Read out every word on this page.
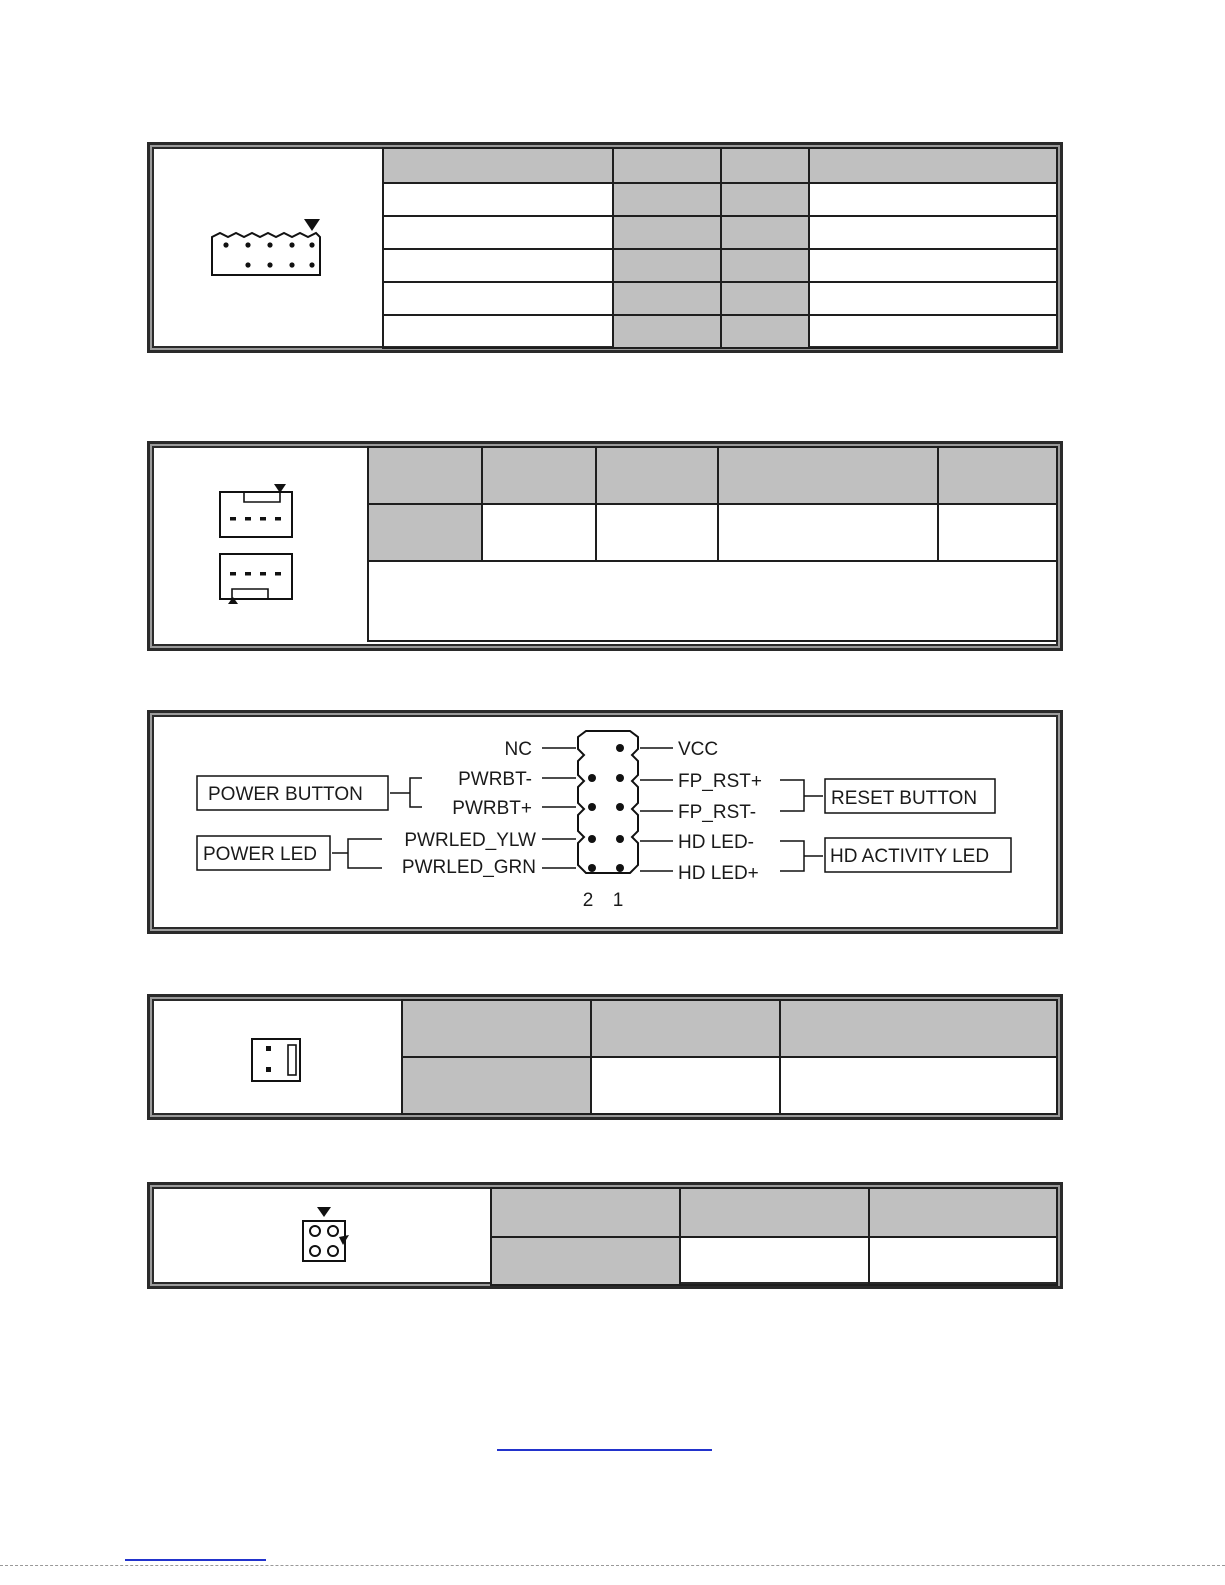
NC
PWRBT-
PWRBT+
PWRLED_YLW
PWRLED_GRN
VCC
FP_RST+
FP_RST-
HD LED-
HD LED+
2 1
POWER BUTTON
POWER LED
RESET BUTTON
HD ACTIVITY LED
